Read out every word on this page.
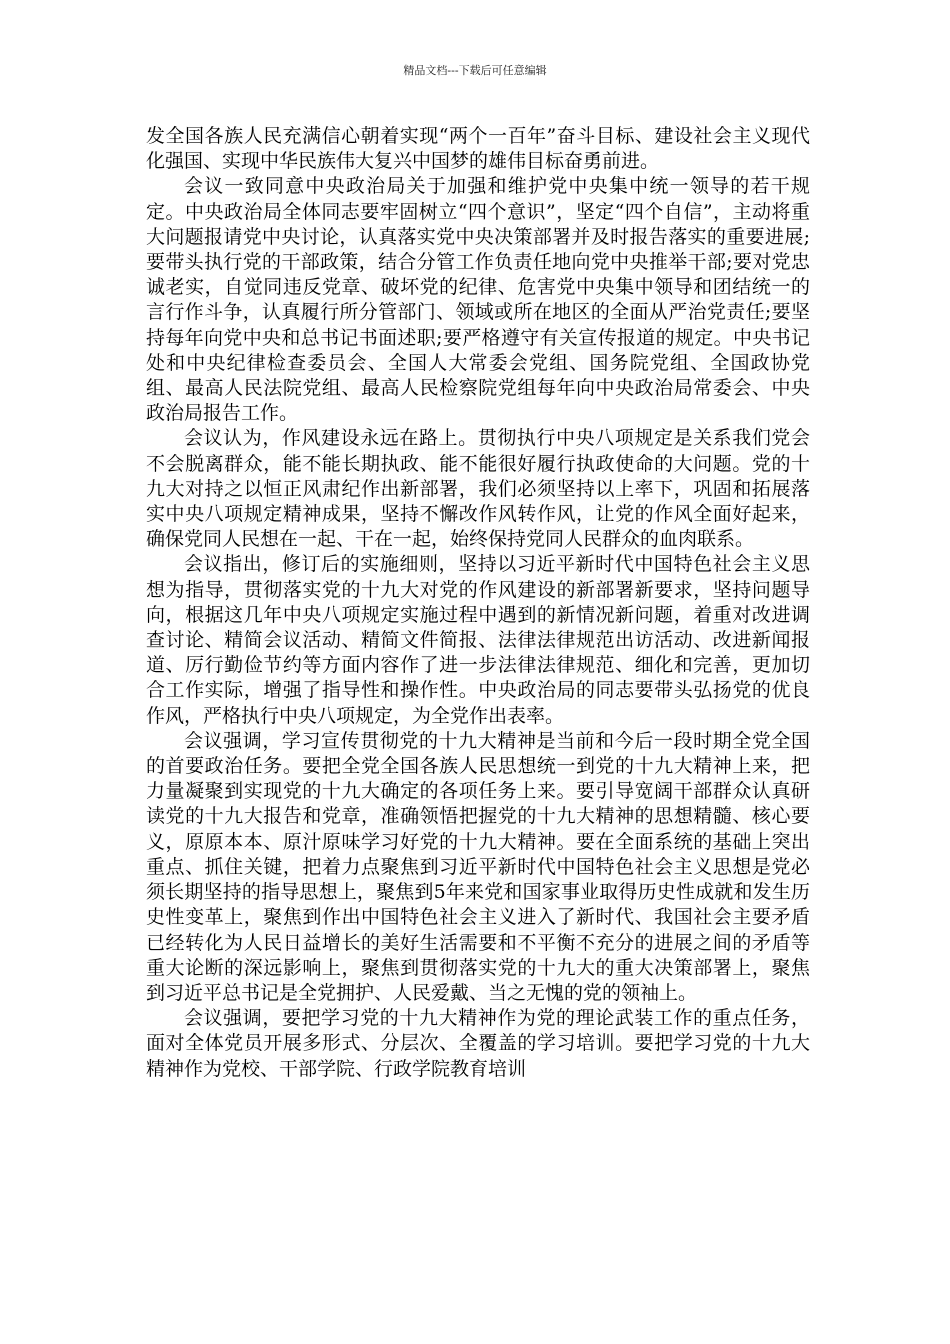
精品文档---下载后可任意编辑

发全国各族人民充满信心朝着实现“两个一百年”奋斗目标、建设社会主义现代化强国、实现中华民族伟大复兴中国梦的雄伟目标奋勇前进。

会议一致同意中央政治局关于加强和维护党中央集中统一领导的若干规定。中央政治局全体同志要牢固树立“四个意识”，坚定“四个自信”，主动将重大问题报请党中央讨论，认真落实党中央决策部署并及时报告落实的重要进展;要带头执行党的干部政策，结合分管工作负责任地向党中央推举干部;要对党忠诚老实，自觉同违反党章、破坏党的纪律、危害党中央集中领导和团结统一的言行作斗争，认真履行所分管部门、领域或所在地区的全面从严治党责任;要坚持每年向党中央和总书记书面述职;要严格遵守有关宣传报道的规定。中央书记处和中央纪律检查委员会、全国人大常委会党组、国务院党组、全国政协党组、最高人民法院党组、最高人民检察院党组每年向中央政治局常委会、中央政治局报告工作。

会议认为，作风建设永远在路上。贯彻执行中央八项规定是关系我们党会不会脱离群众，能不能长期执政、能不能很好履行执政使命的大问题。党的十九大对持之以恒正风肃纪作出新部署，我们必须坚持以上率下，巩固和拓展落实中央八项规定精神成果，坚持不懈改作风转作风，让党的作风全面好起来，确保党同人民想在一起、干在一起，始终保持党同人民群众的血肉联系。

会议指出，修订后的实施细则，坚持以习近平新时代中国特色社会主义思想为指导，贯彻落实党的十九大对党的作风建设的新部署新要求，坚持问题导向，根据这几年中央八项规定实施过程中遇到的新情况新问题，着重对改进调查讨论、精简会议活动、精简文件简报、法律法律规范出访活动、改进新闻报道、厉行勤俭节约等方面内容作了进一步法律法律规范、细化和完善，更加切合工作实际，增强了指导性和操作性。中央政治局的同志要带头弘扬党的优良作风，严格执行中央八项规定，为全党作出表率。

会议强调，学习宣传贯彻党的十九大精神是当前和今后一段时期全党全国的首要政治任务。要把全党全国各族人民思想统一到党的十九大精神上来，把力量凝聚到实现党的十九大确定的各项任务上来。要引导宽阔干部群众认真研读党的十九大报告和党章，准确领悟把握党的十九大精神的思想精髓、核心要义，原原本本、原汁原味学习好党的十九大精神。要在全面系统的基础上突出重点、抓住关键，把着力点聚焦到习近平新时代中国特色社会主义思想是党必须长期坚持的指导思想上，聚焦到5年来党和国家事业取得历史性成就和发生历史性变革上，聚焦到作出中国特色社会主义进入了新时代、我国社会主要矛盾已经转化为人民日益增长的美好生活需要和不平衡不充分的进展之间的矛盾等重大论断的深远影响上，聚焦到贯彻落实党的十九大的重大决策部署上，聚焦到习近平总书记是全党拥护、人民爱戴、当之无愧的党的领袖上。

会议强调，要把学习党的十九大精神作为党的理论武装工作的重点任务，面对全体党员开展多形式、分层次、全覆盖的学习培训。要把学习党的十九大精神作为党校、干部学院、行政学院教育培训
